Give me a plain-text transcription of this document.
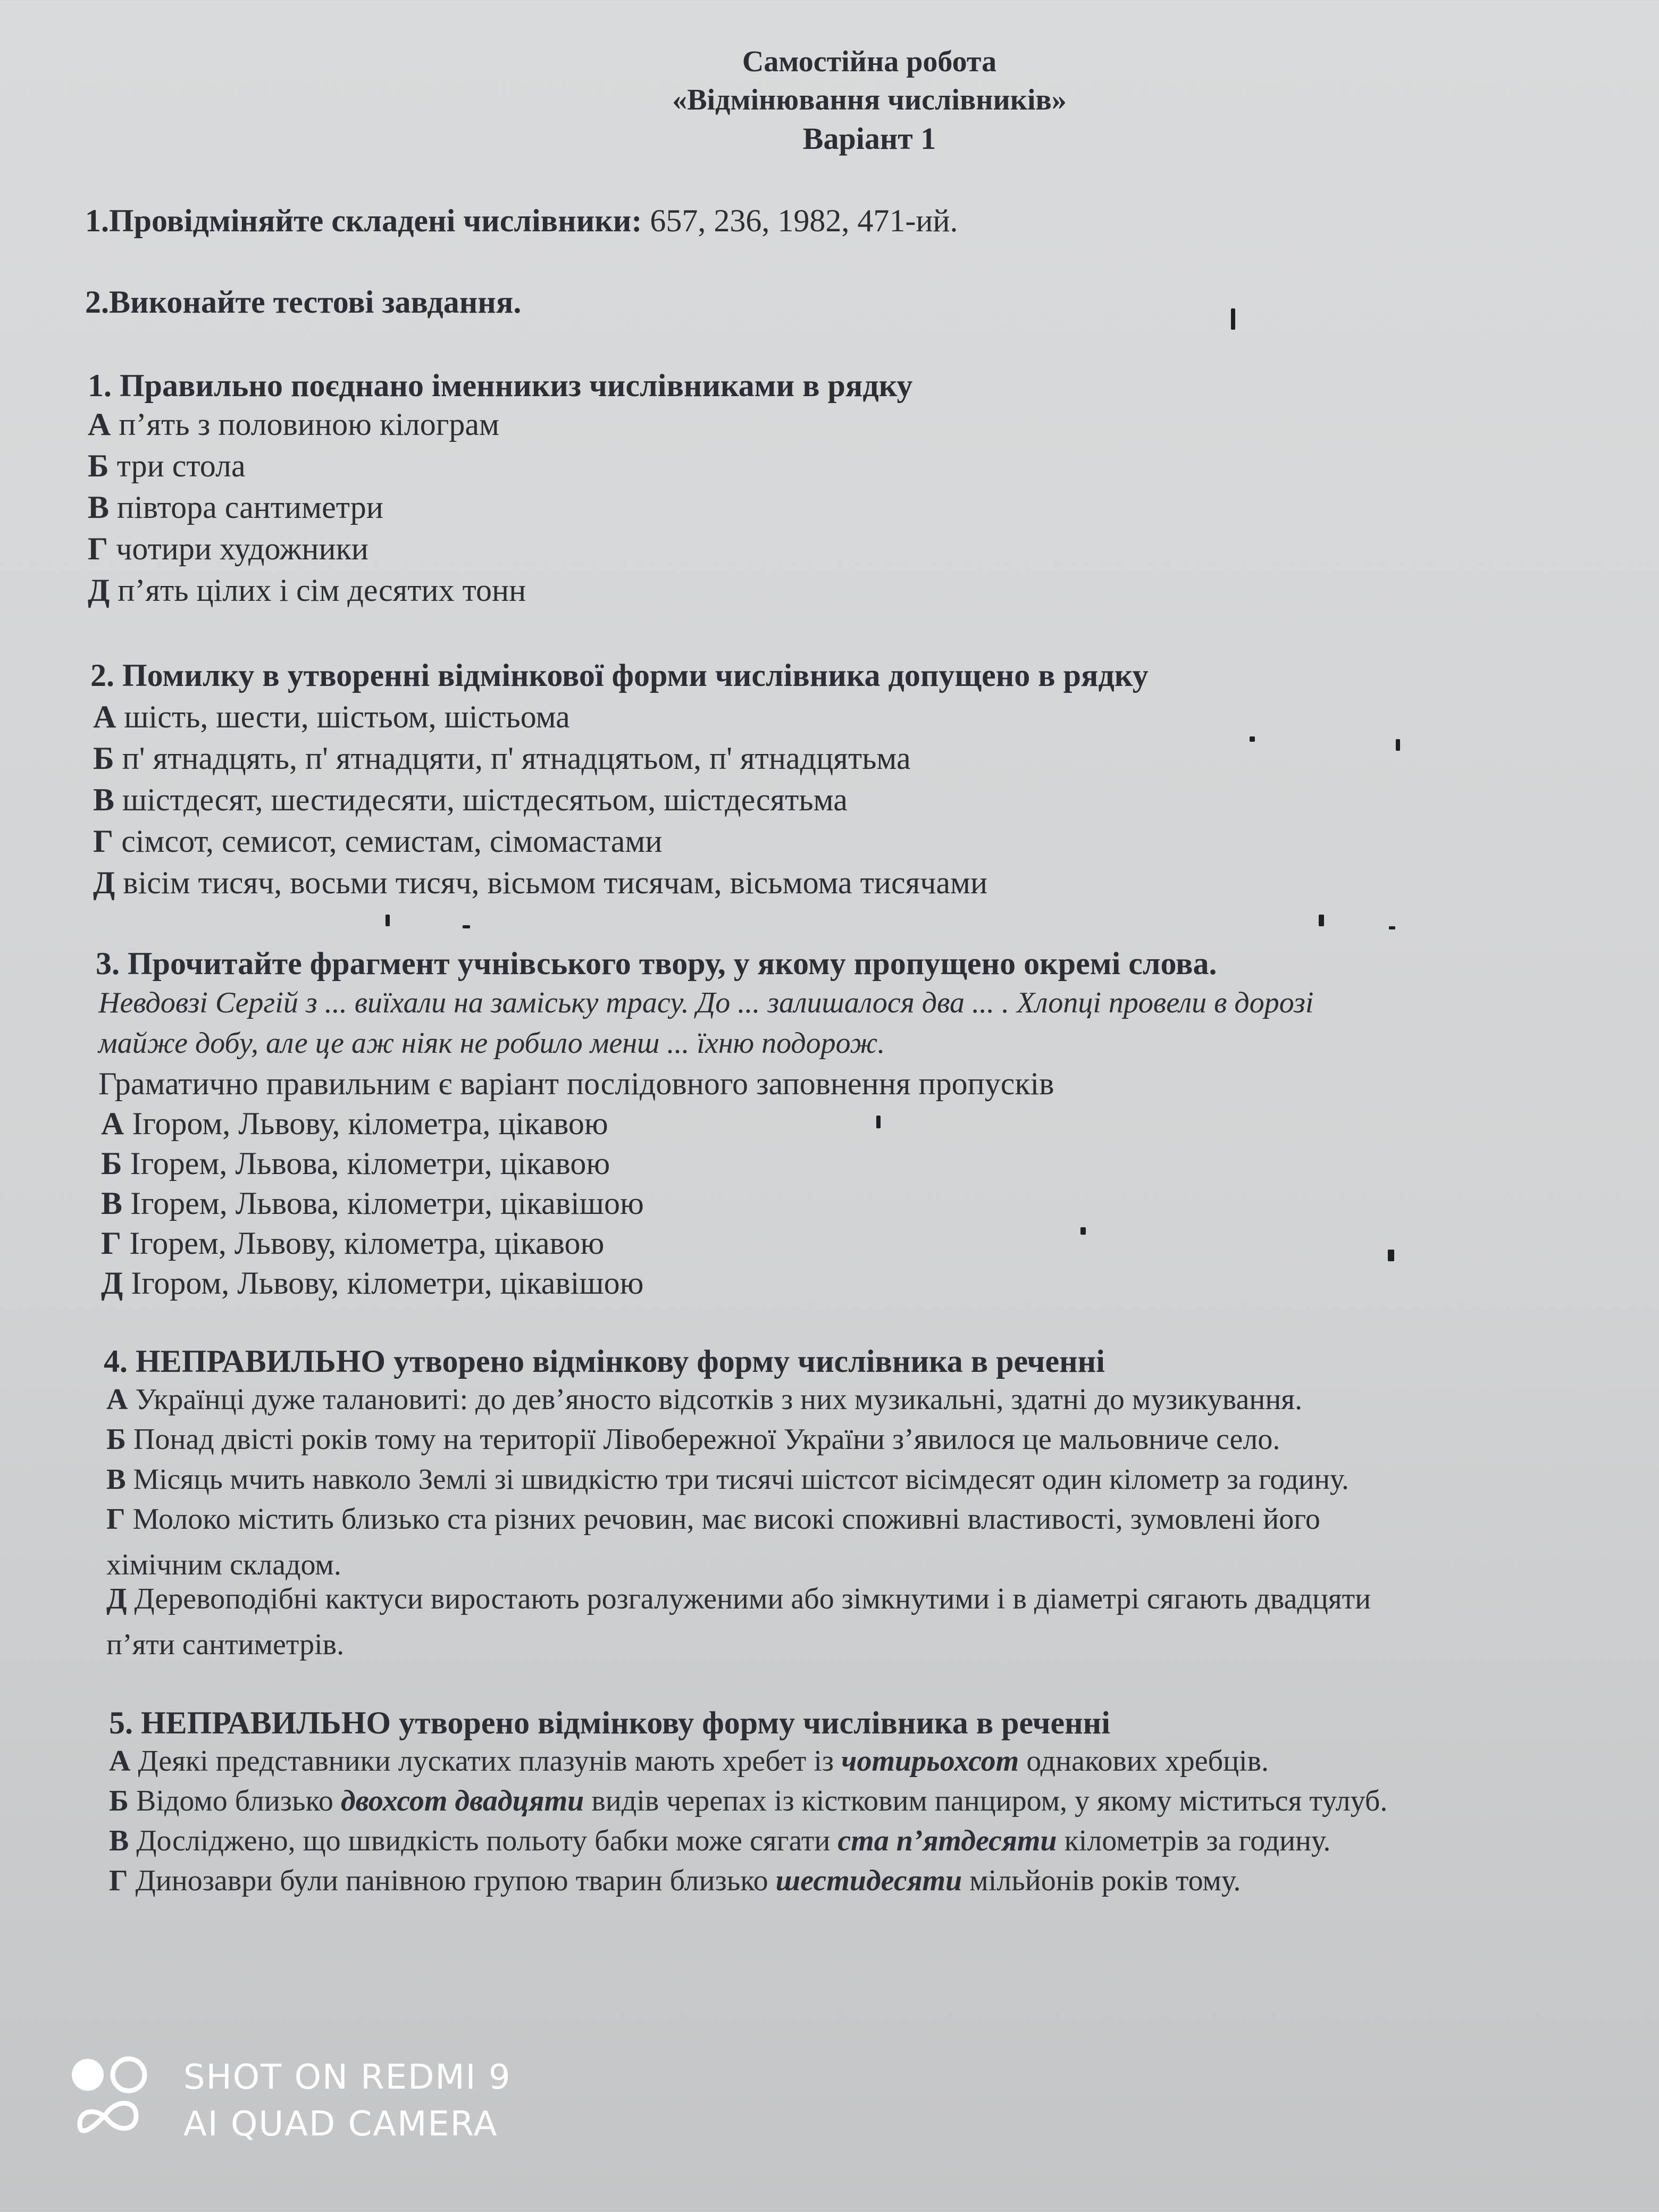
Самостійна робота
«Відмінювання числівників»
Варіант 1
1.Провідміняйте складені числівники: 657, 236, 1982, 471-ий.
2.Виконайте тестові завдання.
1. Правильно поєднано іменникиз числівниками в рядку
А п’ять з половиною кілограм
Б три стола
В півтора сантиметри
Г чотири художники
Д п’ять цілих і сім десятих тонн
2. Помилку в утворенні відмінкової форми числівника допущено в рядку
А шість, шести, шістьом, шістьома
Б п' ятнадцять, п' ятнадцяти, п' ятнадцятьом, п' ятнадцятьма
В шістдесят, шестидесяти, шістдесятьом, шістдесятьма
Г сімсот, семисот, семистам, сімомастами
Д вісім тисяч, восьми тисяч, вісьмом тисячам, вісьмома тисячами
3. Прочитайте фрагмент учнівського твору, у якому пропущено окремі слова.
Невдовзі Сергій з ... виїхали на заміську трасу. До ... залишалося два ... . Хлопці провели в дорозі
майже добу, але це аж ніяк не робило менш ... їхню подорож.
Граматично правильним є варіант послідовного заповнення пропусків
А Ігором, Львову, кілометра, цікавою
Б Ігорем, Львова, кілометри, цікавою
В Ігорем, Львова, кілометри, цікавішою
Г Ігорем, Львову, кілометра, цікавою
Д Ігором, Львову, кілометри, цікавішою
4. НЕПРАВИЛЬНО утворено відмінкову форму числівника в реченні
А Українці дуже талановиті: до дев’яносто відсотків з них музикальні, здатні до музикування.
Б Понад двісті років тому на території Лівобережної України з’явилося це мальовниче село.
В Місяць мчить навколо Землі зі швидкістю три тисячі шістсот вісімдесят один кілометр за годину.
Г Молоко містить близько ста різних речовин, має високі споживні властивості, зумовлені його
хімічним складом.
Д Деревоподібні кактуси виростають розгалуженими або зімкнутими і в діаметрі сягають двадцяти
п’яти сантиметрів.
5. НЕПРАВИЛЬНО утворено відмінкову форму числівника в реченні
А Деякі представники лускатих плазунів мають хребет із чотирьохсот однакових хребців.
Б Відомо близько двохсот двадцяти видів черепах із кістковим панциром, у якому міститься тулуб.
В Досліджено, що швидкість польоту бабки може сягати ста п’ятдесяти кілометрів за годину.
Г Динозаври були панівною групою тварин близько шестидесяти мільйонів років тому.
SHOT ON REDMI 9
AI QUAD CAMERA
